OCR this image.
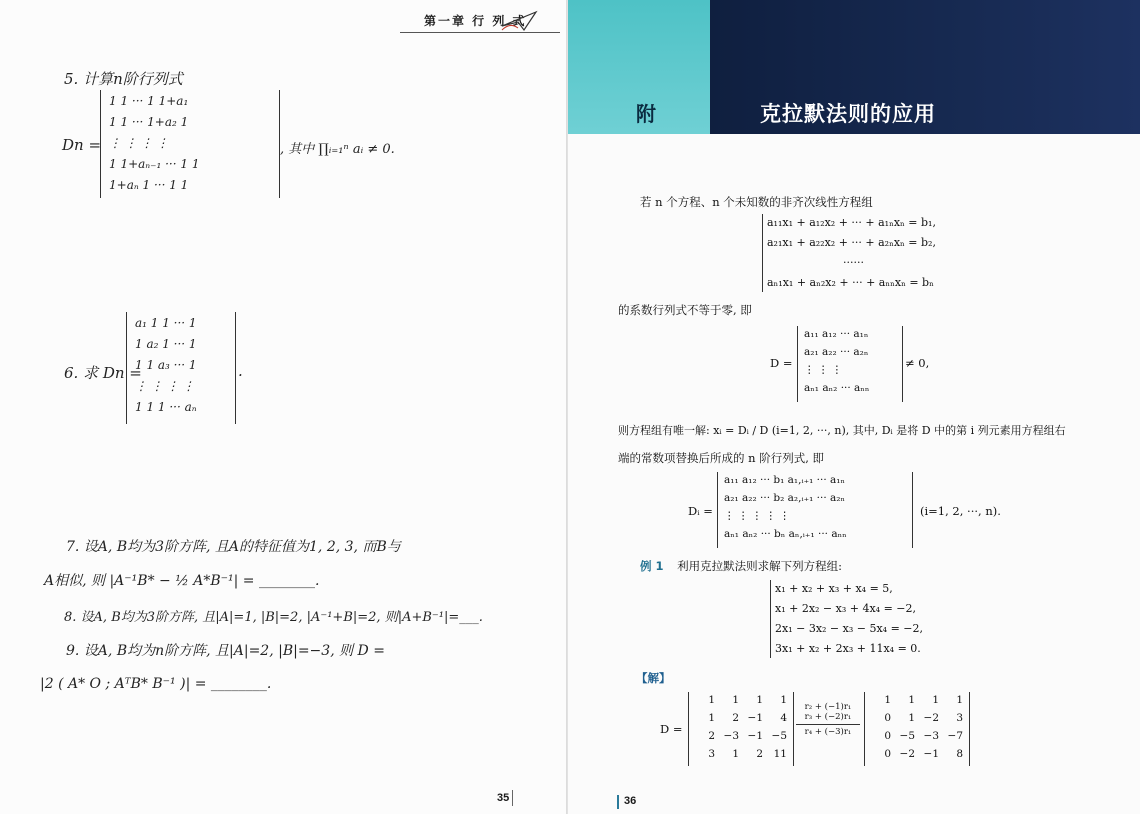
第一章 行 列 式
5. 计算n阶行列式
Dn =
1 1 ··· 1 1+a₁
1 1 ··· 1+a₂ 1
⋮ ⋮ ⋮ ⋮
1 1+aₙ₋₁ ··· 1 1
1+aₙ 1 ··· 1 1
, 其中 ∏ᵢ₌₁ⁿ aᵢ ≠ 0.
6. 求 Dn =
a₁ 1 1 ··· 1
1 a₂ 1 ··· 1
1 1 a₃ ··· 1
⋮ ⋮ ⋮ ⋮
1 1 1 ··· aₙ
.
7. 设A, B均为3阶方阵, 且A的特征值为1, 2, 3, 而B与
A相似, 则 |A⁻¹B* − ½ A*B⁻¹| = ________.
8. 设A, B均为3阶方阵, 且|A|=1, |B|=2, |A⁻¹+B|=2, 则|A+B⁻¹|=___.
9. 设A, B均为n阶方阵, 且|A|=2, |B|=−3, 则 D =
|2 ( A* O ; AᵀB* B⁻¹ )| = ________.
35
附	克拉默法则的应用
若 n 个方程、n 个未知数的非齐次线性方程组
a₁₁x₁ + a₁₂x₂ + ··· + a₁ₙxₙ = b₁,
a₂₁x₁ + a₂₂x₂ + ··· + a₂ₙxₙ = b₂,
······
aₙ₁x₁ + aₙ₂x₂ + ··· + aₙₙxₙ = bₙ
的系数行列式不等于零, 即
D =
a₁₁ a₁₂ ··· a₁ₙ
a₂₁ a₂₂ ··· a₂ₙ
⋮ ⋮ ⋮
aₙ₁ aₙ₂ ··· aₙₙ
≠ 0,
则方程组有唯一解: xᵢ = Dᵢ / D (i=1, 2, ···, n), 其中, Dᵢ 是将 D 中的第 i 列元素用方程组右
端的常数项替换后所成的 n 阶行列式, 即
Dᵢ =
a₁₁ a₁₂ ··· b₁ a₁,ᵢ₊₁ ··· a₁ₙ
a₂₁ a₂₂ ··· b₂ a₂,ᵢ₊₁ ··· a₂ₙ
⋮ ⋮ ⋮ ⋮ ⋮
aₙ₁ aₙ₂ ··· bₙ aₙ,ᵢ₊₁ ··· aₙₙ
(i=1, 2, ···, n).
例 1 利用克拉默法则求解下列方程组:
x₁ + x₂ + x₃ + x₄ = 5,
x₁ + 2x₂ − x₃ + 4x₄ = −2,
2x₁ − 3x₂ − x₃ − 5x₄ = −2,
3x₁ + x₂ + 2x₃ + 11x₄ = 0.
【解】
D =
1	1	1	1
1	2 −1	4
2 −3 −1 −5
3	1	2	11
r₂ + (−1)r₁
r₃ + (−2)r₁
r₄ + (−3)r₁
1	1	1	1
0	1 −2	3
0 −5 −3 −7
0 −2 −1	8
36
